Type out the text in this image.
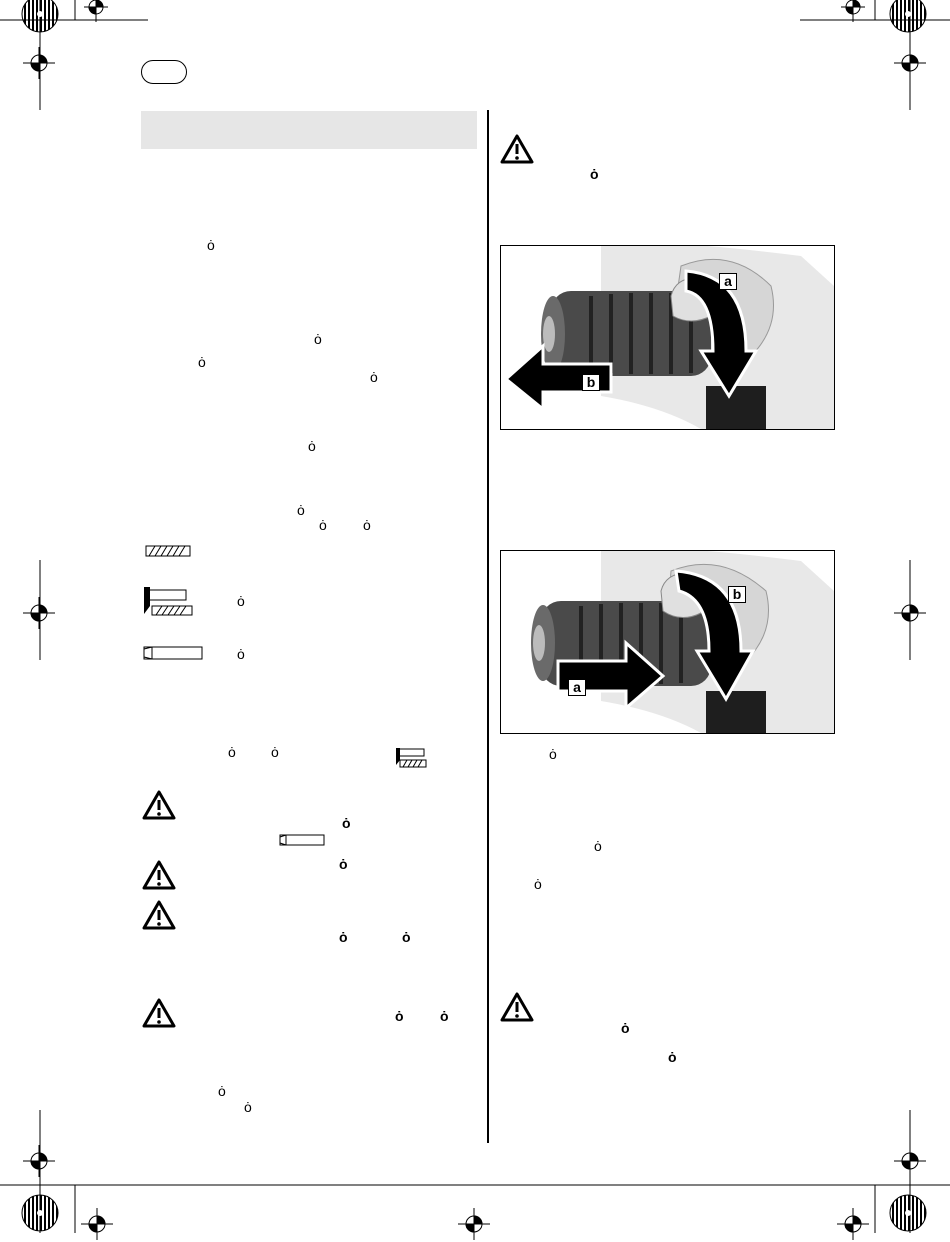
ȯ
ȯ
ȯ
ȯ
ȯ
ȯ
ȯ	ȯ
ȯ
ȯ
ȯ	ȯ
ȯ
ȯ
ȯ	ȯ
ȯ	ȯ
ȯ
ȯ
ȯ
a
b
b
a
ȯ
ȯ
ȯ
ȯ
ȯ
